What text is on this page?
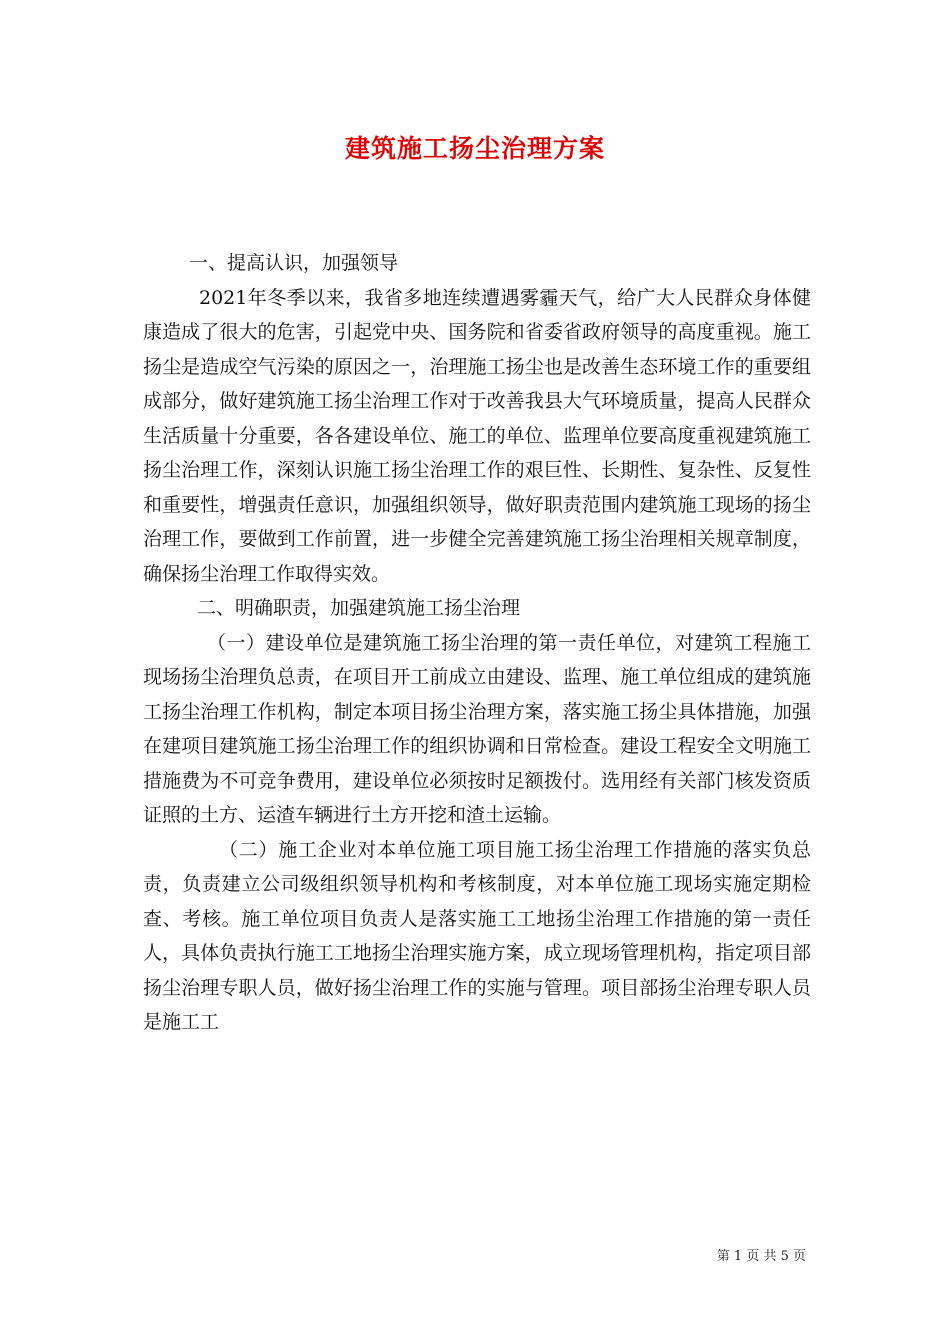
建筑施工扬尘治理方案

一、提高认识，加强领导

2021年冬季以来，我省多地连续遭遇雾霾天气，给广大人民群众身体健康造成了很大的危害，引起党中央、国务院和省委省政府领导的高度重视。施工扬尘是造成空气污染的原因之一，治理施工扬尘也是改善生态环境工作的重要组成部分，做好建筑施工扬尘治理工作对于改善我县大气环境质量，提高人民群众生活质量十分重要，各各建设单位、施工的单位、监理单位要高度重视建筑施工扬尘治理工作，深刻认识施工扬尘治理工作的艰巨性、长期性、复杂性、反复性和重要性，增强责任意识，加强组织领导，做好职责范围内建筑施工现场的扬尘治理工作，要做到工作前置，进一步健全完善建筑施工扬尘治理相关规章制度，确保扬尘治理工作取得实效。

二、明确职责，加强建筑施工扬尘治理

（一）建设单位是建筑施工扬尘治理的第一责任单位，对建筑工程施工现场扬尘治理负总责，在项目开工前成立由建设、监理、施工单位组成的建筑施工扬尘治理工作机构，制定本项目扬尘治理方案，落实施工扬尘具体措施，加强在建项目建筑施工扬尘治理工作的组织协调和日常检查。建设工程安全文明施工措施费为不可竞争费用，建设单位必须按时足额拨付。选用经有关部门核发资质证照的土方、运渣车辆进行土方开挖和渣土运输。

（二）施工企业对本单位施工项目施工扬尘治理工作措施的落实负总责，负责建立公司级组织领导机构和考核制度，对本单位施工现场实施定期检查、考核。施工单位项目负责人是落实施工工地扬尘治理工作措施的第一责任人，具体负责执行施工工地扬尘治理实施方案，成立现场管理机构，指定项目部扬尘治理专职人员，做好扬尘治理工作的实施与管理。项目部扬尘治理专职人员是施工工

第 1 页 共 5 页
